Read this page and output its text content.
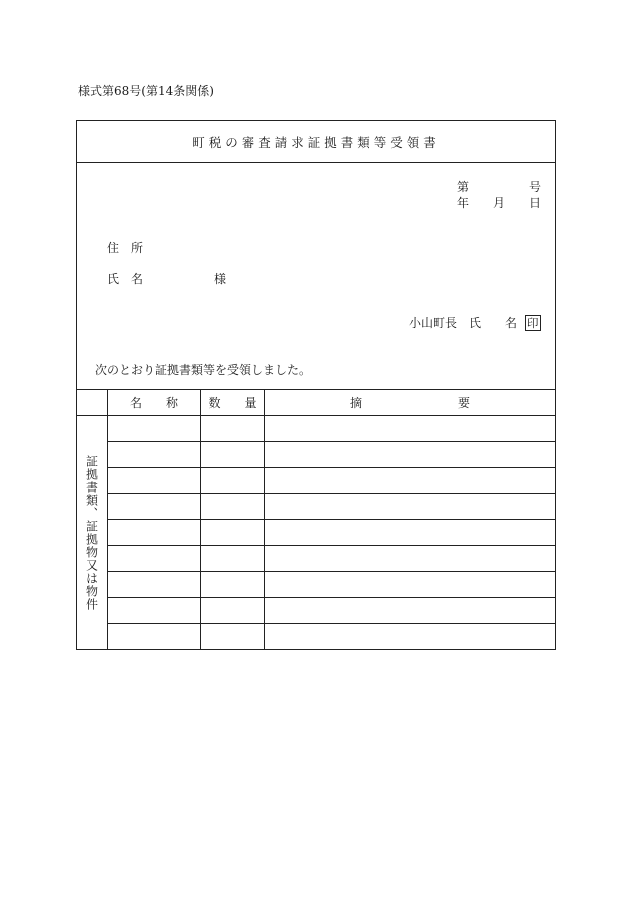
様式第68号(第14条関係)
町税の審査請求証拠書類等受領書
第	号
年 月 日
住　所
氏　名	様
小山町長 氏　　名 印
次のとおり証拠書類等を受領しました。
名　　称	数　　量	摘　　　　　　　　要
証拠書類、証拠物又は物件
